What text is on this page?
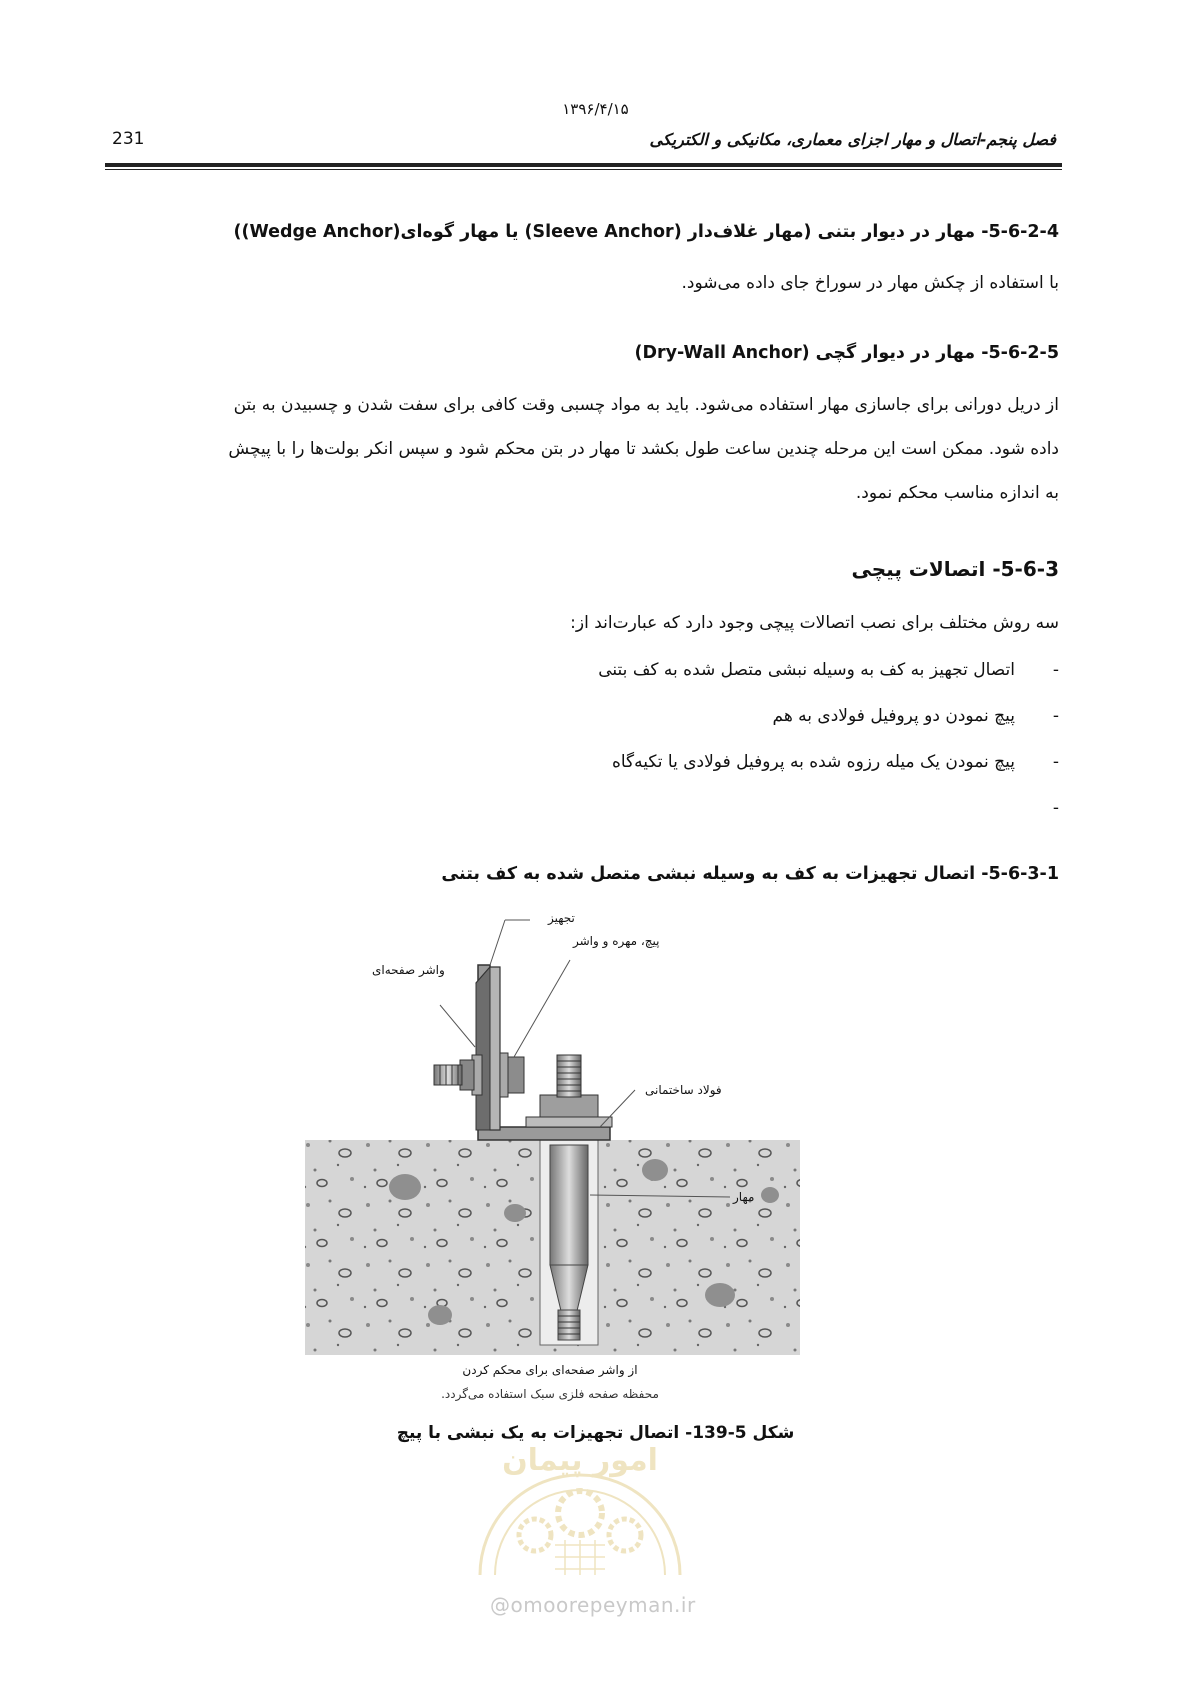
۱۳۹۶/۴/۱۵
فصل پنجم-اتصال و مهار اجزای معماری، مکانیکی و الکتریکی
231
5-6-2-4- مهار در دیوار بتنی (مهار غلاف‌دار (Sleeve Anchor) یا مهار گوه‌ای(Wedge Anchor))
با استفاده از چکش مهار در سوراخ جای داده می‌شود.
5-6-2-5- مهار در دیوار گچی (Dry-Wall Anchor)
از دریل دورانی برای جاسازی مهار استفاده می‌شود. باید به مواد چسبی وقت کافی برای سفت شدن و چسبیدن به بتن
داده شود. ممکن است این مرحله چندین ساعت طول بکشد تا مهار در بتن محکم شود و سپس انکر بولت‌ها را با پیچش
به اندازه مناسب محکم نمود.
5-6-3- اتصالات پیچی
سه روش مختلف برای نصب اتصالات پیچی وجود دارد که عبارت‌اند از:
-اتصال تجهیز به کف به وسیله نبشی متصل شده به کف بتنی
-پیچ نمودن دو پروفیل فولادی به هم
-پیچ نمودن یک میله رزوه شده به پروفیل فولادی یا تکیه‌گاه
-
5-6-3-1- اتصال تجهیزات به کف به وسیله نبشی متصل شده به کف بتنی
تجهیز
پیچ، مهره و واشر
واشر صفحه‌ای
فولاد ساختمانی
مهار
از واشر صفحه‌ای برای محکم کردن
محفظه صفحه فلزی سبک استفاده می‌گردد.
شکل 5-139- اتصال تجهیزات به یک نبشی با پیچ
امور پیمان
@omoorepeyman.ir
